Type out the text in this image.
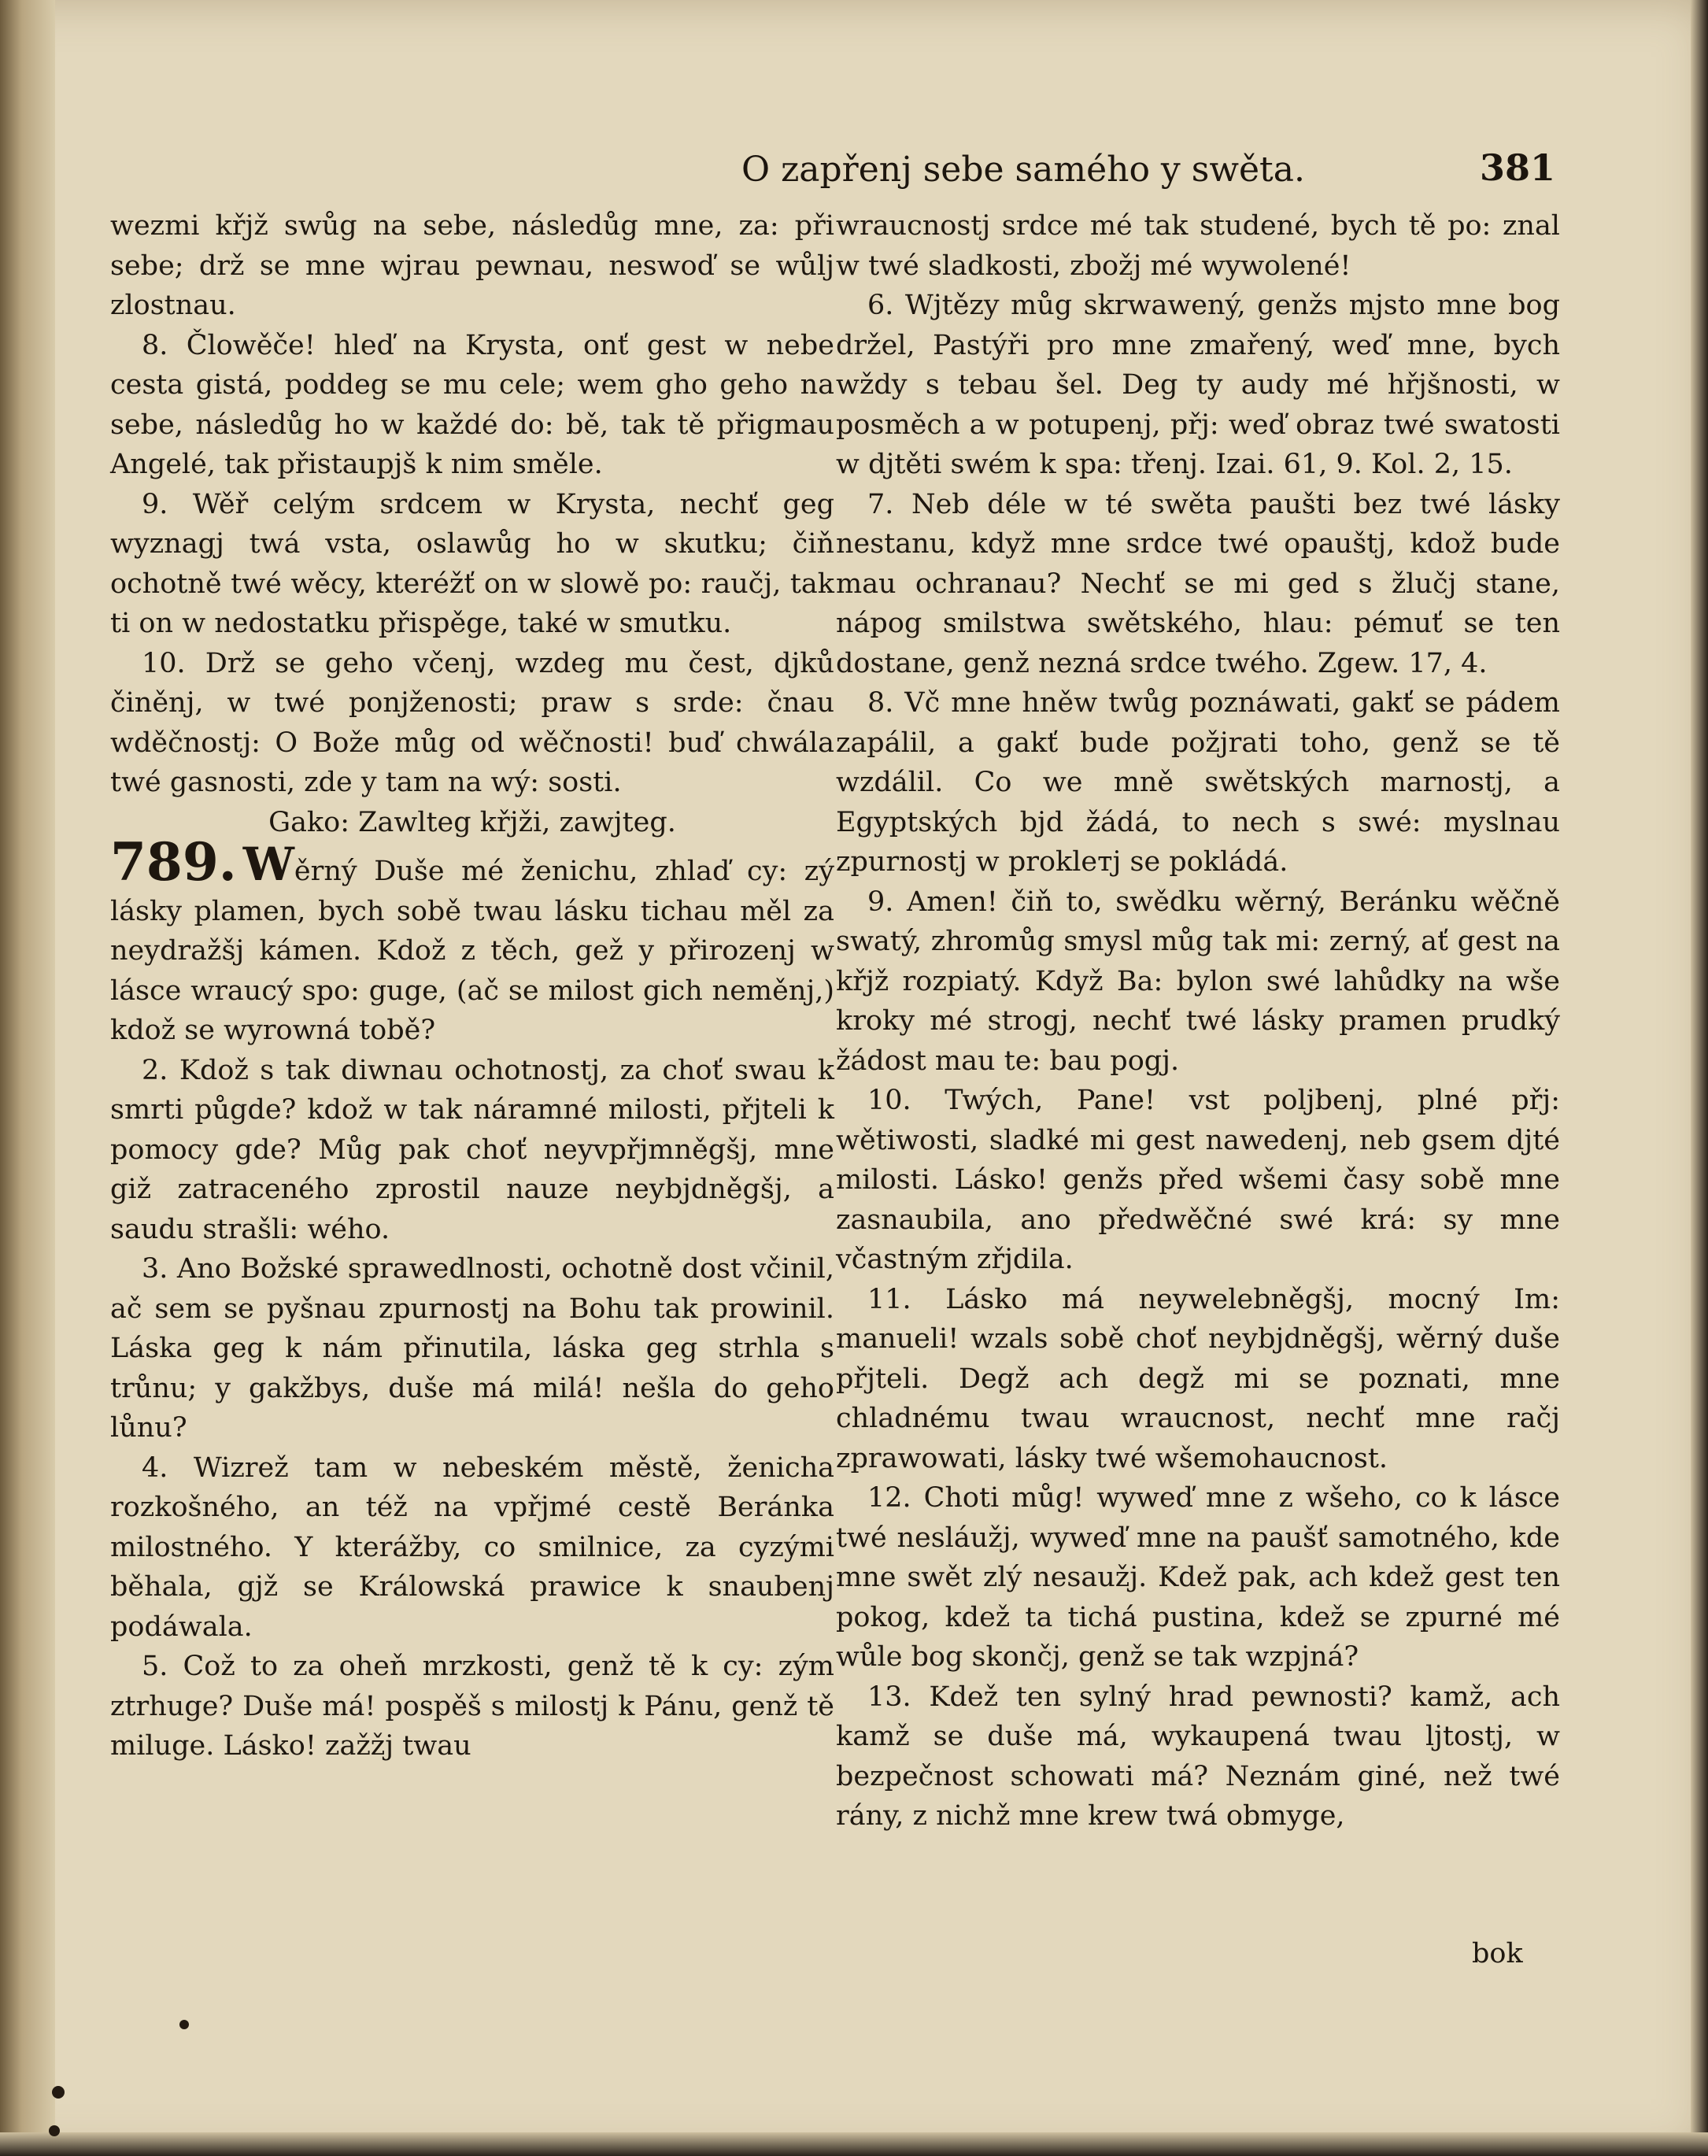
O zapřenj sebe samého y swěta.	381

wezmi křjž swůg na sebe, následůg mne, za: při sebe; drž se mne wjrau pewnau, neswoď se wůlj zlostnau.

8. Člowěče! hleď na Krysta, onť gest w nebe cesta gistá, poddeg se mu cele; wem gho geho na sebe, následůg ho w každé do: bě, tak tě přigmau Angelé, tak přistaupjš k nim směle.

9. Wěř celým srdcem w Krysta, nechť geg wyznagj twá vsta, oslawůg ho w skutku; čiň ochotně twé wěcy, kteréžť on w slowě po: raučj, tak ti on w nedostatku přispěge, také w smutku.

10. Drž se geho včenj, wzdeg mu čest, djků činěnj, w twé ponjženosti; praw s srde: čnau wděčnostj: O Bože můg od wěčnosti! buď chwála twé gasnosti, zde y tam na wý: sosti.

Gako: Zawlteg křjži, zawjteg.

789. Wěrný Duše mé ženichu, zhlaď cy: zý lásky plamen, bych sobě twau lásku tichau měl za neydražšj kámen. Kdož z těch, gež y přirozenj w lásce wraucý spo: guge, (ač se milost gich neměnj,) kdož se wyrowná tobě?

2. Kdož s tak diwnau ochotnostj, za choť swau k smrti půgde? kdož w tak náramné milosti, přjteli k pomocy gde? Můg pak choť neyvpřjmněgšj, mne giž zatraceného zprostil nauze neybjdněgšj, a saudu strašli: wého.

3. Ano Božské sprawedlnosti, ochotně dost včinil, ač sem se pyšnau zpurnostj na Bohu tak prowinil. Láska geg k nám přinutila, láska geg strhla s trůnu; y gakžbys, duše má milá! nešla do geho lůnu?

4. Wizrež tam w nebeském městě, ženicha rozkošného, an též na vpřjmé cestě Beránka milostného. Y kterážby, co smilnice, za cyzými běhala, gjž se Králowská prawice k snaubenj podáwala.

5. Což to za oheň mrzkosti, genž tě k cy: zým ztrhuge? Duše má! pospěš s milostj k Pánu, genž tě miluge. Lásko! zažžj twau

wraucnostj srdce mé tak studené, bych tě po: znal w twé sladkosti, zbožj mé wywolené!

6. Wjtězy můg skrwawený, genžs mjsto mne bog držel, Pastýři pro mne zmařený, weď mne, bych wždy s tebau šel. Deg ty audy mé hřjšnosti, w posměch a w potupenj, přj: weď obraz twé swatosti w djtěti swém k spa: třenj. Izai. 61, 9. Kol. 2, 15.

7. Neb déle w té swěta paušti bez twé lásky nestanu, když mne srdce twé opauštj, kdož bude mau ochranau? Nechť se mi ged s žlučj stane, nápog smilstwa swětského, hlau: pémuť se ten dostane, genž nezná srdce twého. Zgew. 17, 4.

8. Vč mne hněw twůg poznáwati, gakť se pádem zapálil, a gakť bude požjrati toho, genž se tě wzdálil. Co we mně swětských marnostj, a Egyptských bjd žádá, to nech s swé: myslnau zpurnostj w proklетj se pokládá.

9. Amen! čiň to, swědku wěrný, Beránku wěčně swatý, zhromůg smysl můg tak mi: zerný, ať gest na křjž rozpiatý. Když Ba: bylon swé lahůdky na wše kroky mé strogj, nechť twé lásky pramen prudký žádost mau te: bau pogj.

10. Twých, Pane! vst poljbenj, plné přj: wětiwosti, sladké mi gest nawedenj, neb gsem djté milosti. Lásko! genžs před wšemi časy sobě mne zasnaubila, ano předwěčné swé krá: sy mne včastným zřjdila.

11. Lásko má neywelebněgšj, mocný Im: manueli! wzals sobě choť neybjdněgšj, wěrný duše přjteli. Degž ach degž mi se poznati, mne chladnému twau wraucnost, nechť mne račj zprawowati, lásky twé wšemohaucnost.

12. Choti můg! wyweď mne z wšeho, co k lásce twé nesláužj, wyweď mne na paušť samotného, kde mne swět zlý nesaužj. Kdež pak, ach kdež gest ten pokog, kdež ta tichá pustina, kdež se zpurné mé wůle bog skončj, genž se tak wzpjná?

13. Kdež ten sylný hrad pewnosti? kamž, ach kamž se duše má, wykaupená twau ljtostj, w bezpečnost schowati má? Neznám giné, než twé rány, z nichž mne krew twá obmyge,

bok
